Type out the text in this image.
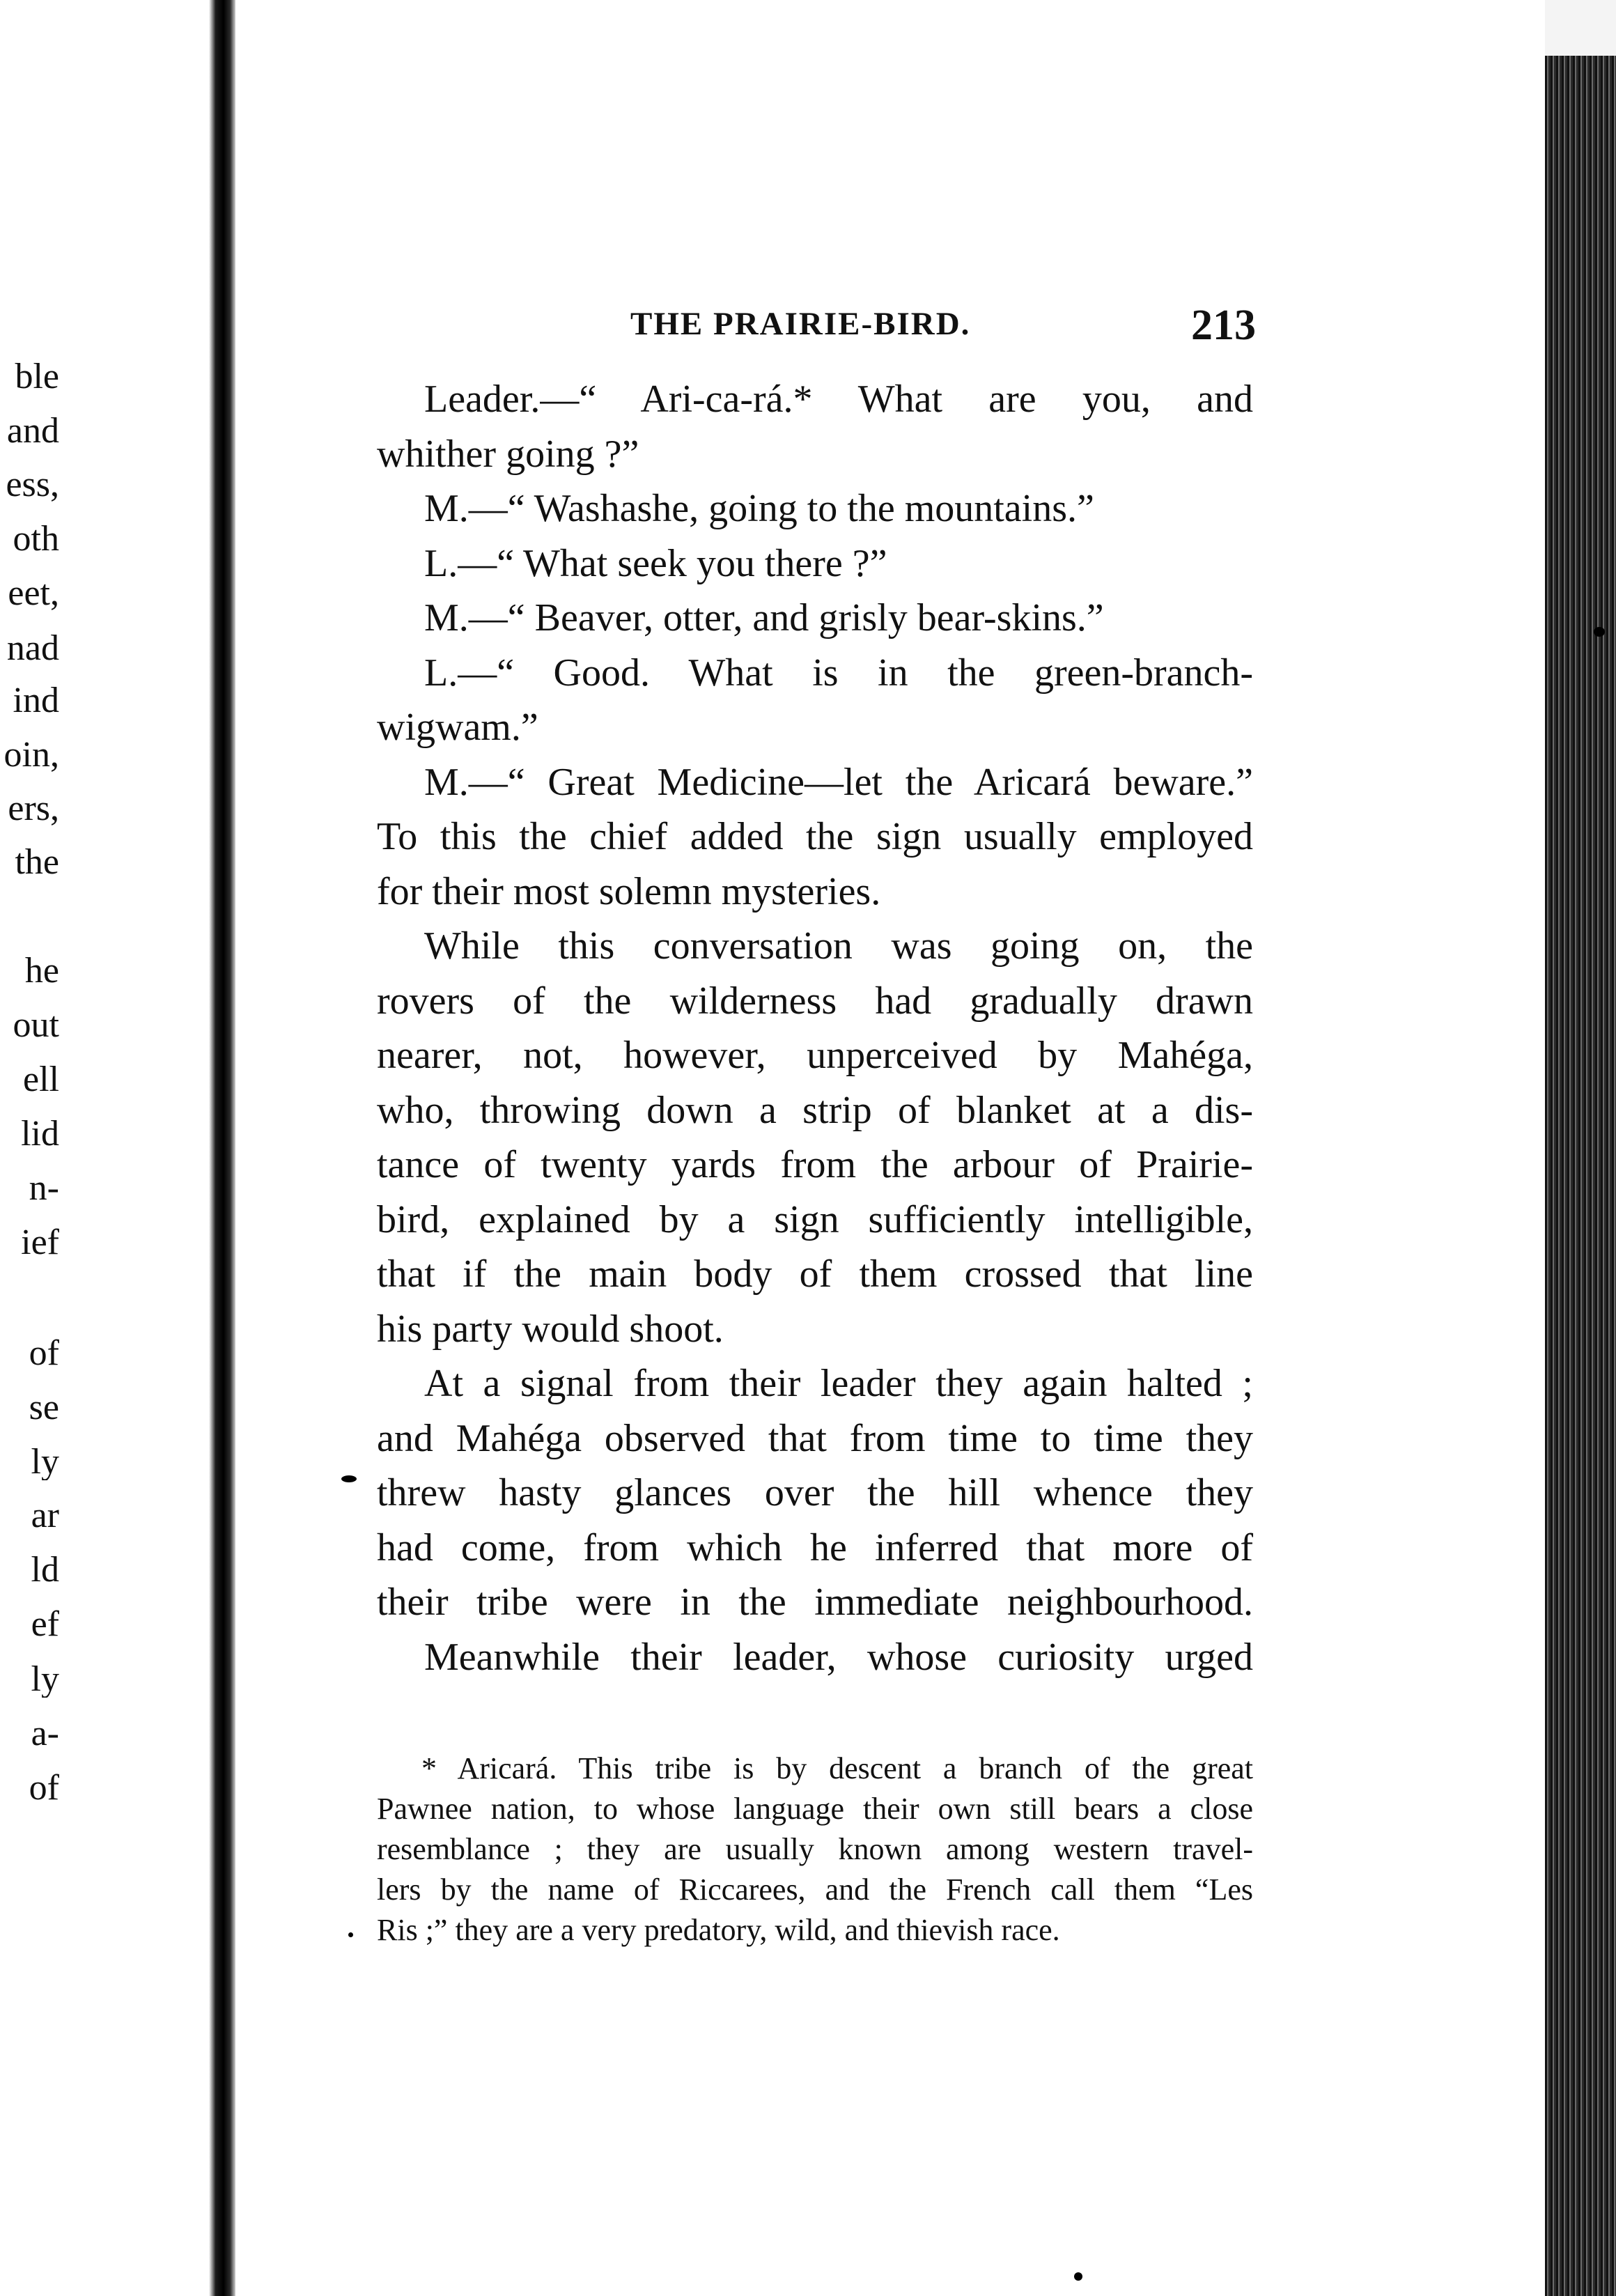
ble
and
ess,
oth
eet,
nad
ind
oin,
ers,
the
he
out
ell
lid
n-
ief
of
se
ly
ar
ld
ef
ly
a-
of
THE PRAIRIE-BIRD.	213
Leader.—“ Ari-ca-rá.* What are you, and
whither going ?”
M.—“ Washashe, going to the mountains.”
L.—“ What seek you there ?”
M.—“ Beaver, otter, and grisly bear-skins.”
L.—“ Good. What is in the green-branch-
wigwam.”
M.—“ Great Medicine—let the Aricará beware.”
To this the chief added the sign usually employed
for their most solemn mysteries.
While this conversation was going on, the
rovers of the wilderness had gradually drawn
nearer, not, however, unperceived by Mahéga,
who, throwing down a strip of blanket at a dis-
tance of twenty yards from the arbour of Prairie-
bird, explained by a sign sufficiently intelligible,
that if the main body of them crossed that line
his party would shoot.
At a signal from their leader they again halted ;
and Mahéga observed that from time to time they
threw hasty glances over the hill whence they
had come, from which he inferred that more of
their tribe were in the immediate neighbourhood.
Meanwhile their leader, whose curiosity urged
* Aricará. This tribe is by descent a branch of the great
Pawnee nation, to whose language their own still bears a close
resemblance ; they are usually known among western travel-
lers by the name of Riccarees, and the French call them “Les
Ris ;” they are a very predatory, wild, and thievish race.
